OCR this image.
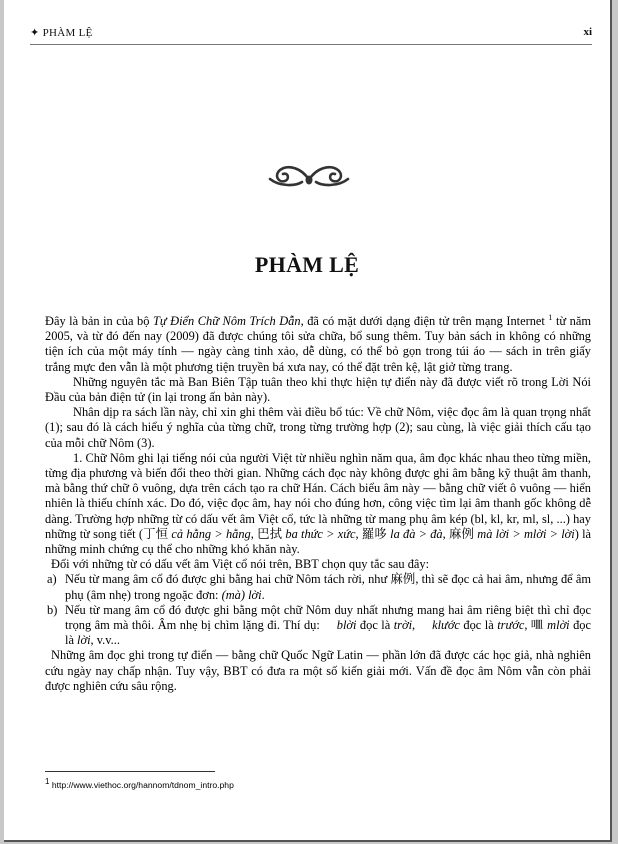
✦ PHÀM LỆ	xi
PHÀM LỆ

Đây là bản in của bộ Tự Điển Chữ Nôm Trích Dẫn, đã có mặt dưới dạng điện tử trên mạng Internet $^1$ từ năm 2005, và từ đó đến nay (2009) đã được chúng tôi sửa chữa, bổ sung thêm. Tuy bản sách in không có những tiện ích của một máy tính — ngày càng tinh xảo, dễ dùng, có thể bỏ gọn trong túi áo — sách in trên giấy trắng mực đen vẫn là một phương tiện truyền bá xưa nay, có thể đặt trên kệ, lật giở từng trang.

Những nguyên tắc mà Ban Biên Tập tuân theo khi thực hiện tự điển này đã được viết rõ trong Lời Nói Đầu của bản điện tử (in lại trong ấn bản này).

Nhân dịp ra sách lần này, chỉ xin ghi thêm vài điều bổ túc: Về chữ Nôm, việc đọc âm là quan trọng nhất (1); sau đó là cách hiểu ý nghĩa của từng chữ, trong từng trường hợp (2); sau cùng, là việc giải thích cấu tạo của mỗi chữ Nôm (3).

1. Chữ Nôm ghi lại tiếng nói của người Việt từ nhiều nghìn năm qua, âm đọc khác nhau theo từng miền, từng địa phương và biến đổi theo thời gian. Những cách đọc này không được ghi âm bằng kỹ thuật âm thanh, mà bằng thứ chữ ô vuông, dựa trên cách tạo ra chữ Hán. Cách biểu âm này — bằng chữ viết ô vuông — hiển nhiên là thiếu chính xác. Do đó, việc đọc âm, hay nói cho đúng hơn, công việc tìm lại âm thanh gốc không dễ dàng. Trường hợp những từ có dấu vết âm Việt cổ, tức là những từ mang phụ âm kép (bl, kl, kr, ml, sl, ...) hay những từ song tiết (丁恒 cả hằng > hằng, 巴拭 ba thức > xức, 羅哆 la đà > đà, 麻例 mà lời > mlời > lời) là những minh chứng cụ thể cho những khó khăn này.

Đối với những từ có dấu vết âm Việt cổ nói trên, BBT chọn quy tắc sau đây:

a) Nếu từ mang âm cổ đó được ghi bằng hai chữ Nôm tách rời, như 麻例, thì sẽ đọc cả hai âm, nhưng để âm phụ (âm nhẹ) trong ngoặc đơn: (mà) lời.

b) Nếu từ mang âm cổ đó được ghi bằng một chữ Nôm duy nhất nhưng mang hai âm riêng biệt thì chỉ đọc trọng âm mà thôi. Âm nhẹ bị chìm lặng đi. Thí dụ: 𡗶 blời đọc là trời, 𨀈 klước đọc là trước, 𠰘 mlời đọc là lời, v.v...

Những âm đọc ghi trong tự điển — bằng chữ Quốc Ngữ Latin — phần lớn đã được các học giả, nhà nghiên cứu ngày nay chấp nhận. Tuy vậy, BBT có đưa ra một số kiến giải mới. Vấn đề đọc âm Nôm vẫn còn phải được nghiên cứu sâu rộng.

$^1$ http://www.viethoc.org/hannom/tdnom_intro.php
